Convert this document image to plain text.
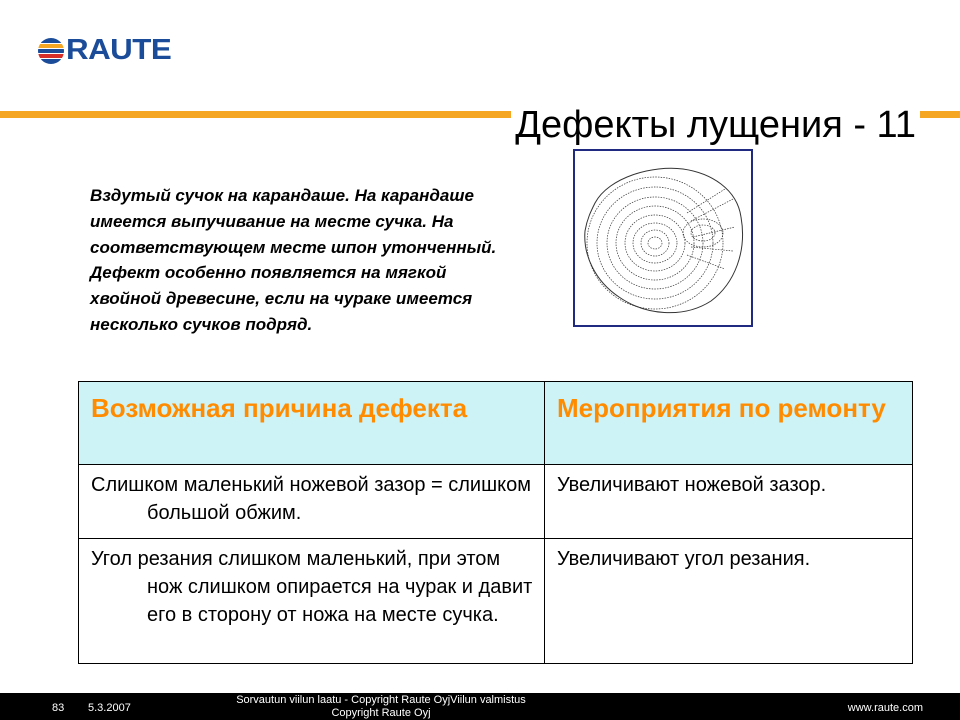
RAUTE
Дефекты лущения - 11

Вздутый сучок на карандаше. На карандаше имеется выпучивание на месте сучка. На соответствующем месте шпон утонченный. Дефект особенно появляется на мягкой хвойной древесине, если на чураке имеется несколько сучков подряд.

Возможная причина дефекта	Мероприятия по ремонту

Слишком маленький ножевой зазор = слишком большой обжим.	Увеличивают ножевой зазор.

Угол резания слишком маленький, при этом нож слишком опирается на чурак и давит его в сторону от ножа на месте сучка.	Увеличивают угол резания.
83 5.3.2007
Sorvautun viilun laatu - Copyright Raute OyjViilun valmistus
Copyright Raute Oyj	www.raute.com
